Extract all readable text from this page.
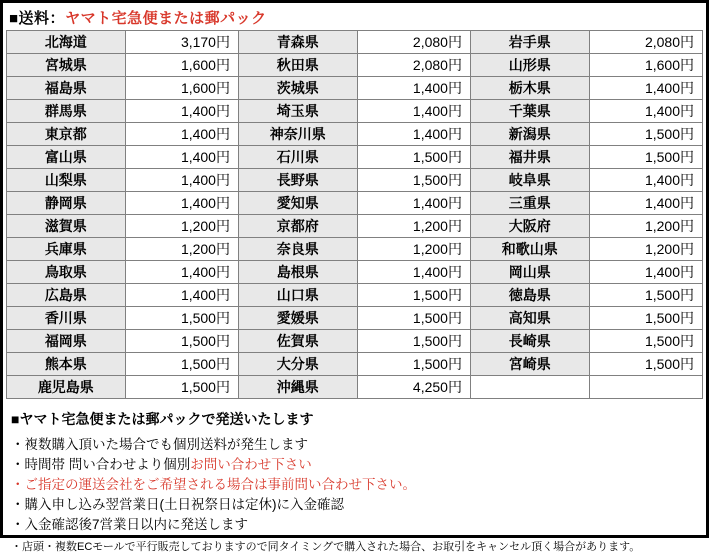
■送料：ヤマト宅急便または郵パック
北海道	3,170円	青森県	2,080円	岩手県	2,080円
宮城県	1,600円	秋田県	2,080円	山形県	1,600円
福島県	1,600円	茨城県	1,400円	栃木県	1,400円
群馬県	1,400円	埼玉県	1,400円	千葉県	1,400円
東京都	1,400円	神奈川県	1,400円	新潟県	1,500円
富山県	1,400円	石川県	1,500円	福井県	1,500円
山梨県	1,400円	長野県	1,500円	岐阜県	1,400円
静岡県	1,400円	愛知県	1,400円	三重県	1,400円
滋賀県	1,200円	京都府	1,200円	大阪府	1,200円
兵庫県	1,200円	奈良県	1,200円	和歌山県	1,200円
鳥取県	1,400円	島根県	1,400円	岡山県	1,400円
広島県	1,400円	山口県	1,500円	徳島県	1,500円
香川県	1,500円	愛媛県	1,500円	高知県	1,500円
福岡県	1,500円	佐賀県	1,500円	長崎県	1,500円
熊本県	1,500円	大分県	1,500円	宮崎県	1,500円
鹿児島県	1,500円	沖縄県	4,250円		
■ヤマト宅急便または郵パックで発送いたします
・複数購入頂いた場合でも個別送料が発生します
・時間帯 問い合わせより個別お問い合わせ下さい
・ご指定の運送会社をご希望される場合は事前問い合わせ下さい。
・購入申し込み翌営業日(土日祝祭日は定休)に入金確認
・入金確認後7営業日以内に発送します
・店頭・複数ECモールで平行販売しておりますので同タイミングで購入された場合、お取引をキャンセル頂く場合があります。
